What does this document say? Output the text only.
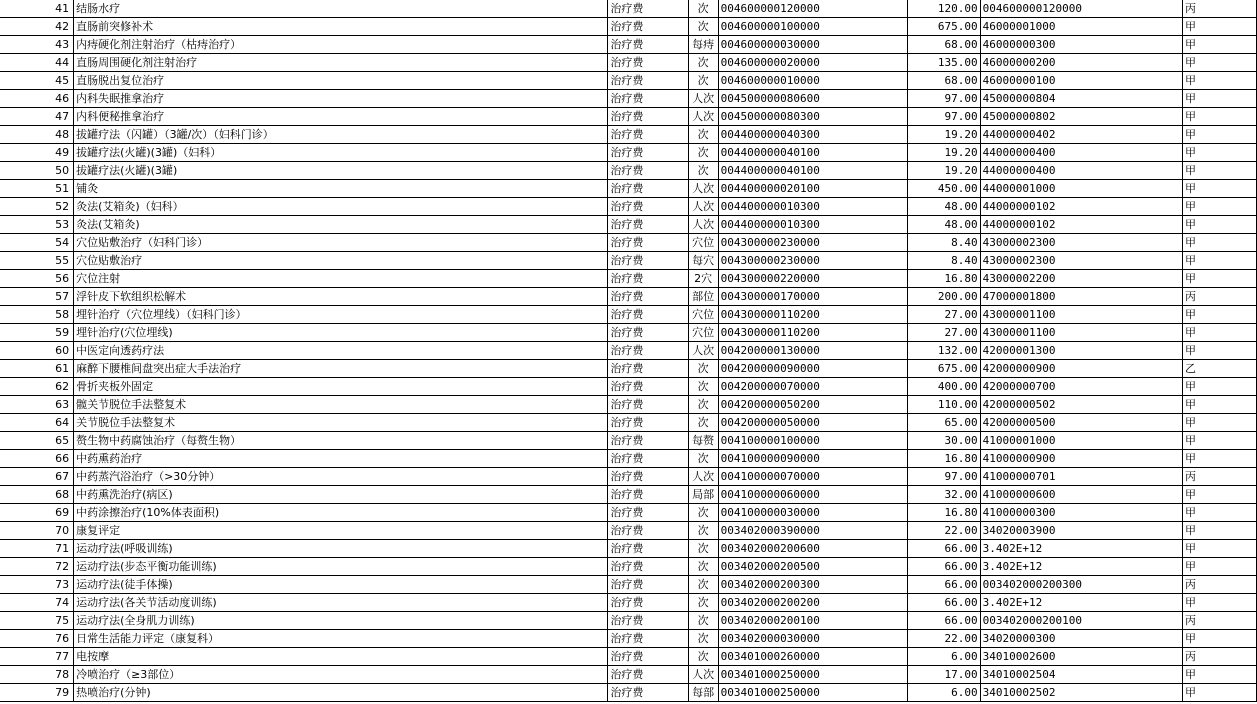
41	结肠水疗	治疗费	次	004600000120000	120.00	004600000120000	丙
42	直肠前突修补术	治疗费	次	004600000100000	675.00	46000001000	甲
43	内痔硬化剂注射治疗（枯痔治疗）	治疗费	每痔	004600000030000	68.00	46000000300	甲
44	直肠周围硬化剂注射治疗	治疗费	次	004600000020000	135.00	46000000200	甲
45	直肠脱出复位治疗	治疗费	次	004600000010000	68.00	46000000100	甲
46	内科失眠推拿治疗	治疗费	人次	004500000080600	97.00	45000000804	甲
47	内科便秘推拿治疗	治疗费	人次	004500000080300	97.00	45000000802	甲
48	拔罐疗法（闪罐）（3罐/次）（妇科门诊）	治疗费	次	004400000040300	19.20	44000000402	甲
49	拔罐疗法(火罐)(3罐)（妇科）	治疗费	次	004400000040100	19.20	44000000400	甲
50	拔罐疗法(火罐)(3罐)	治疗费	次	004400000040100	19.20	44000000400	甲
51	铺灸	治疗费	人次	004400000020100	450.00	44000001000	甲
52	灸法(艾箱灸)（妇科）	治疗费	人次	004400000010300	48.00	44000000102	甲
53	灸法(艾箱灸)	治疗费	人次	004400000010300	48.00	44000000102	甲
54	穴位贴敷治疗（妇科门诊）	治疗费	穴位	004300000230000	8.40	43000002300	甲
55	穴位贴敷治疗	治疗费	每穴	004300000230000	8.40	43000002300	甲
56	穴位注射	治疗费	2穴	004300000220000	16.80	43000002200	甲
57	浮针皮下软组织松解术	治疗费	部位	004300000170000	200.00	47000001800	丙
58	埋针治疗（穴位埋线）（妇科门诊）	治疗费	穴位	004300000110200	27.00	43000001100	甲
59	埋针治疗(穴位埋线)	治疗费	穴位	004300000110200	27.00	43000001100	甲
60	中医定向透药疗法	治疗费	人次	004200000130000	132.00	42000001300	甲
61	麻醉下腰椎间盘突出症大手法治疗	治疗费	次	004200000090000	675.00	42000000900	乙
62	骨折夹板外固定	治疗费	次	004200000070000	400.00	42000000700	甲
63	髋关节脱位手法整复术	治疗费	次	004200000050200	110.00	42000000502	甲
64	关节脱位手法整复术	治疗费	次	004200000050000	65.00	42000000500	甲
65	赘生物中药腐蚀治疗（每赘生物）	治疗费	每赘	004100000100000	30.00	41000001000	甲
66	中药熏药治疗	治疗费	次	004100000090000	16.80	41000000900	甲
67	中药蒸汽浴治疗（>30分钟）	治疗费	人次	004100000070000	97.00	41000000701	丙
68	中药熏洗治疗(病区)	治疗费	局部	004100000060000	32.00	41000000600	甲
69	中药涂擦治疗(10%体表面积)	治疗费	次	004100000030000	16.80	41000000300	甲
70	康复评定	治疗费	次	003402000390000	22.00	34020003900	甲
71	运动疗法(呼吸训练)	治疗费	次	003402000200600	66.00	3.402E+12	甲
72	运动疗法(步态平衡功能训练)	治疗费	次	003402000200500	66.00	3.402E+12	甲
73	运动疗法(徒手体操)	治疗费	次	003402000200300	66.00	003402000200300	丙
74	运动疗法(各关节活动度训练)	治疗费	次	003402000200200	66.00	3.402E+12	甲
75	运动疗法(全身肌力训练)	治疗费	次	003402000200100	66.00	003402000200100	丙
76	日常生活能力评定（康复科）	治疗费	次	003402000030000	22.00	34020000300	甲
77	电按摩	治疗费	次	003401000260000	6.00	34010002600	丙
78	冷喷治疗（≥3部位）	治疗费	人次	003401000250000	17.00	34010002504	甲
79	热喷治疗(分钟)	治疗费	每部	003401000250000	6.00	34010002502	甲
